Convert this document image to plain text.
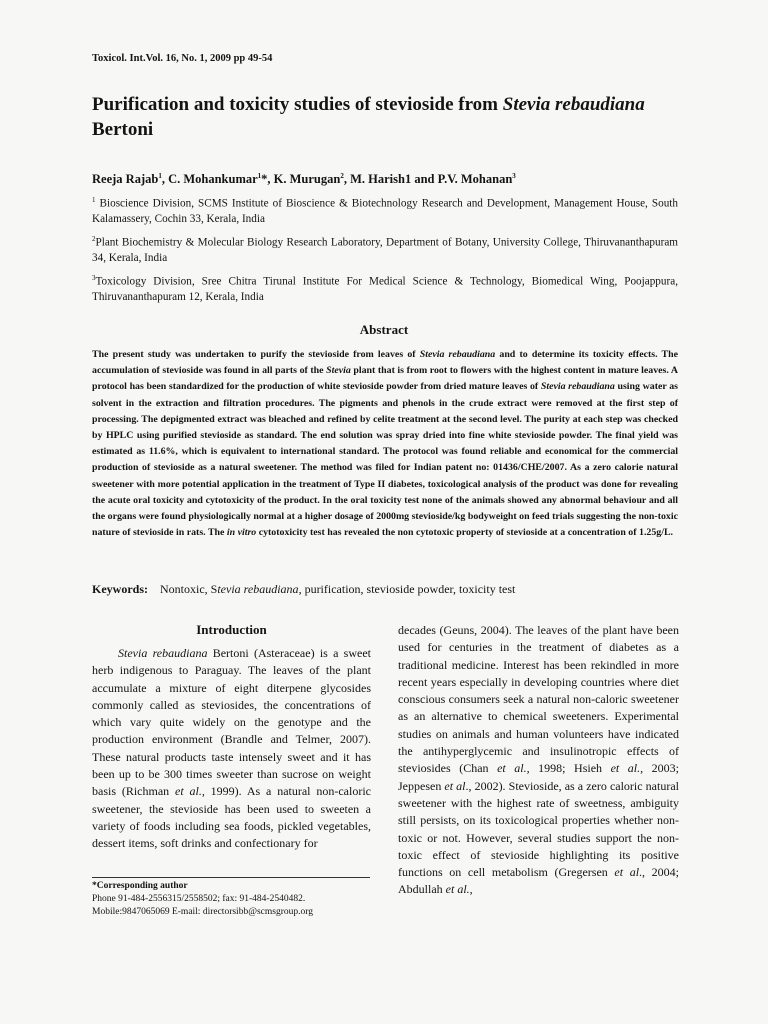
Toxicol. Int.Vol. 16, No. 1, 2009 pp 49-54
Purification and toxicity studies of stevioside from Stevia rebaudiana
Bertoni
Reeja Rajab$^1$, C. Mohankumar$^1$*, K. Murugan$^2$, M. Harish1 and P.V. Mohanan$^3$
$^1$ Bioscience Division, SCMS Institute of Bioscience & Biotechnology Research and Development, Management House, South Kalamassery, Cochin 33, Kerala, India
$^2$Plant Biochemistry & Molecular Biology Research Laboratory, Department of Botany, University College, Thiruvananthapuram 34, Kerala, India
$^3$Toxicology Division, Sree Chitra Tirunal Institute For Medical Science & Technology, Biomedical Wing, Poojappura, Thiruvananthapuram 12, Kerala, India
Abstract
The present study was undertaken to purify the stevioside from leaves of Stevia rebaudiana and to determine its toxicity effects. The accumulation of stevioside was found in all parts of the Stevia plant that is from root to flowers with the highest content in mature leaves. A protocol has been standardized for the production of white stevioside powder from dried mature leaves of Stevia rebaudiana using water as solvent in the extraction and filtration procedures. The pigments and phenols in the crude extract were removed at the first step of processing. The depigmented extract was bleached and refined by celite treatment at the second level. The purity at each step was checked by HPLC using purified stevioside as standard. The end solution was spray dried into fine white stevioside powder. The final yield was estimated as 11.6%, which is equivalent to international standard. The protocol was found reliable and economical for the commercial production of stevioside as a natural sweetener. The method was filed for Indian patent no: 01436/CHE/2007. As a zero calorie natural sweetener with more potential application in the treatment of Type II diabetes, toxicological analysis of the product was done for revealing the acute oral toxicity and cytotoxicity of the product. In the oral toxicity test none of the animals showed any abnormal behaviour and all the organs were found physiologically normal at a higher dosage of 2000mg stevioside/kg bodyweight on feed trials suggesting the non-toxic nature of stevioside in rats. The in vitro cytotoxicity test has revealed the non cytotoxic property of stevioside at a concentration of 1.25g/L.
Keywords: Nontoxic, Stevia rebaudiana, purification, stevioside powder, toxicity test
Introduction

Stevia rebaudiana Bertoni (Asteraceae) is a sweet herb indigenous to Paraguay. The leaves of the plant accumulate a mixture of eight diterpene glycosides commonly called as steviosides, the concentrations of which vary quite widely on the genotype and the production environment (Brandle and Telmer, 2007). These natural products taste intensely sweet and it has been up to be 300 times sweeter than sucrose on weight basis (Richman et al., 1999). As a natural non-caloric sweetener, the stevioside has been used to sweeten a variety of foods including sea foods, pickled vegetables, dessert items, soft drinks and confectionary for

decades (Geuns, 2004). The leaves of the plant have been used for centuries in the treatment of diabetes as a traditional medicine. Interest has been rekindled in more recent years especially in developing countries where diet conscious consumers seek a natural non-caloric sweetener as an alternative to chemical sweeteners. Experimental studies on animals and human volunteers have indicated the antihyperglycemic and insulinotropic effects of steviosides (Chan et al., 1998; Hsieh et al., 2003; Jeppesen et al., 2002). Stevioside, as a zero caloric natural sweetener with the highest rate of sweetness, ambiguity still persists, on its toxicological properties whether non-toxic or not. However, several studies support the non-toxic effect of stevioside highlighting its positive functions on cell metabolism (Gregersen et al., 2004; Abdullah et al.,

*Corresponding author
Phone 91-484-2556315/2558502; fax: 91-484-2540482.
Mobile:9847065069 E-mail: directorsibb@scmsgroup.org
